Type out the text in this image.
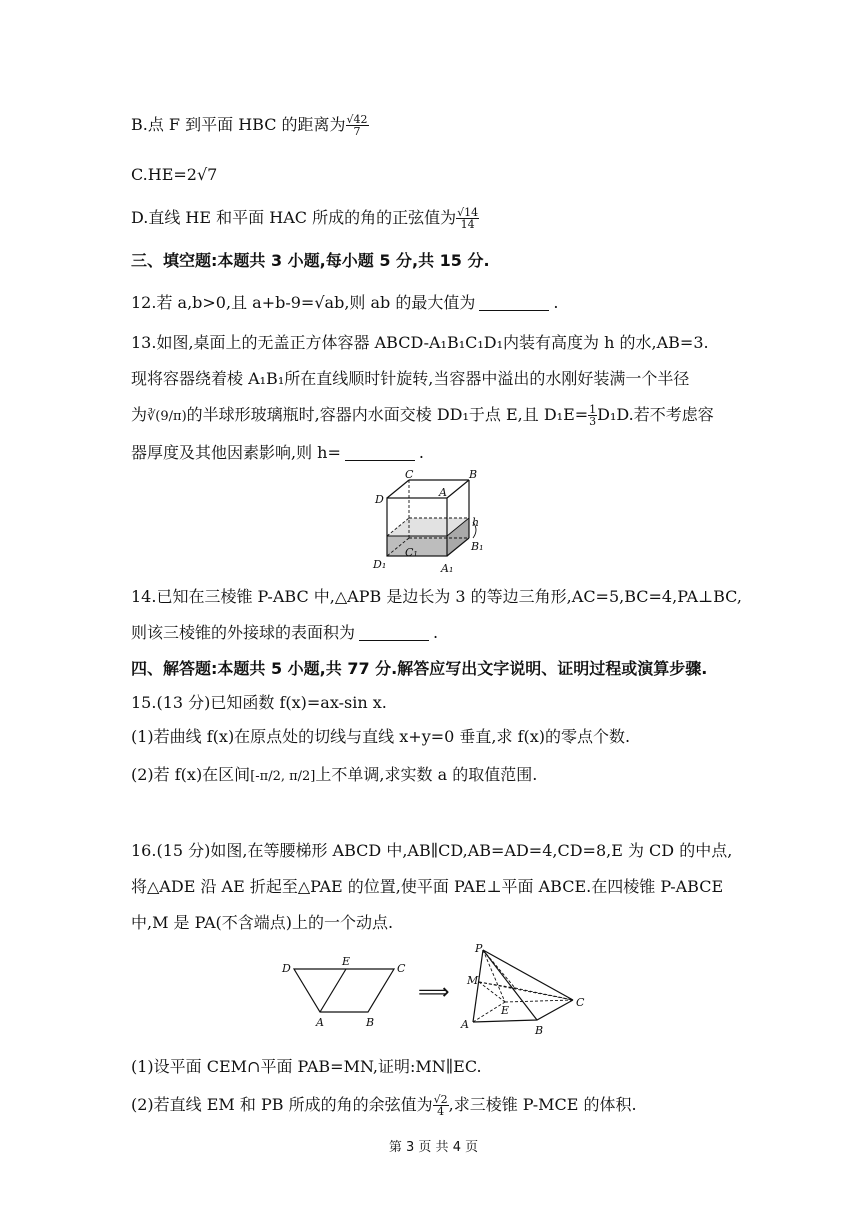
B.点 F 到平面 HBC 的距离为 $\frac{√42}{7}$
C.HE=2√7
D.直线 HE 和平面 HAC 所成的角的正弦值为 $\frac{√14}{14}$
三、填空题:本题共 3 小题,每小题 5 分,共 15 分.
12.若 a,b>0,且 a+b-9=√ab,则 ab 的最大值为	.
13.如图,桌面上的无盖正方体容器 ABCD-A₁B₁C₁D₁内装有高度为 h 的水,AB=3.
现将容器绕着棱 A₁B₁所在直线顺时针旋转,当容器中溢出的水刚好装满一个半径
为∛(9/π)的半球形玻璃瓶时,容器内水面交棱 DD₁于点 E,且 $D_1E= \frac{1}{3} D_1D$.若不考虑容
器厚度及其他因素影响,则 h=	.
C	B
D
A
h
C₁	B₁
D₁	A₁
14.已知在三棱锥 P-ABC 中,△APB 是边长为 3 的等边三角形,AC=5,BC=4,PA⊥BC,
则该三棱锥的外接球的表面积为	.
四、解答题:本题共 5 小题,共 77 分.解答应写出文字说明、证明过程或演算步骤.
15.(13 分)已知函数 f(x)=ax-sin x.
(1)若曲线 f(x)在原点处的切线与直线 x+y=0 垂直,求 f(x)的零点个数.
(2)若 f(x)在区间[-π/2, π/2]上不单调,求实数 a 的取值范围.
16.(15 分)如图,在等腰梯形 ABCD 中,AB∥CD,AB=AD=4,CD=8,E 为 CD 的中点,
将△ADE 沿 AE 折起至△PAE 的位置,使平面 PAE⊥平面 ABCE.在四棱锥 P-ABCE
中,M 是 PA(不含端点)上的一个动点.
D
E
C
A	B
⟹
P
M
E
C
A	B
(1)设平面 CEM∩平面 PAB=MN,证明:MN∥EC.
(2)若直线 EM 和 PB 所成的角的余弦值为 $\frac{√2}{4}$ ,求三棱锥 P-MCE 的体积.
第 3 页 共 4 页
